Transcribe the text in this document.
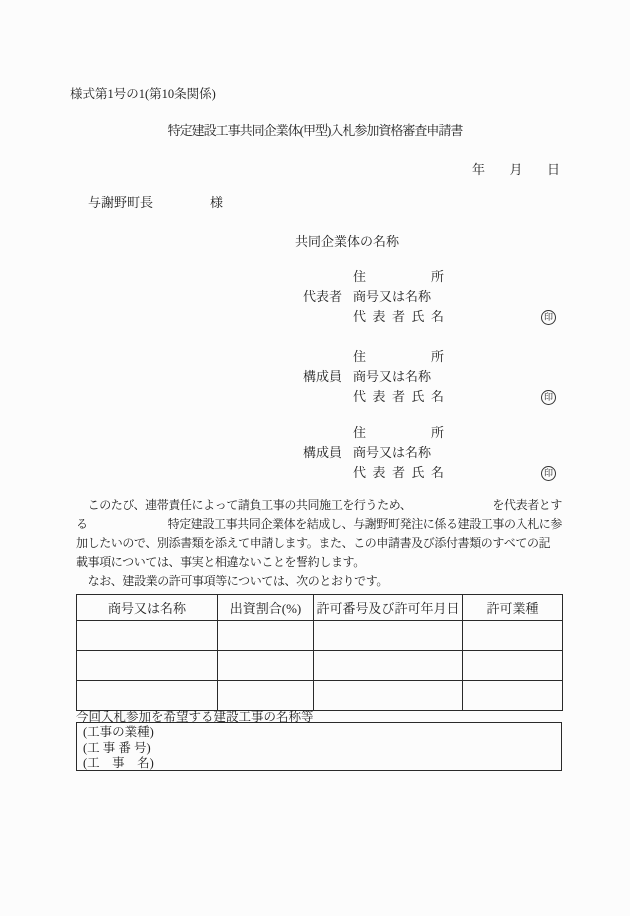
様式第1号の1(第10条関係)
特定建設工事共同企業体(甲型)入札参加資格審査申請書
年 月 日
与謝野町長	様
共同企業体の名称
代表者
住　　　　　所
商号又は名称
代 表 者 氏 名	印
構成員
住　　　　　所
商号又は名称
代 表 者 氏 名	印
構成員
住　　　　　所
商号又は名称
代 表 者 氏 名	印
　このたび、連帯責任によって請負工事の共同施工を行うため、	を代表者とす
る	特定建設工事共同企業体を結成し、与謝野町発注に係る建設工事の入札に参
加したいので、別添書類を添えて申請します。また、この申請書及び添付書類のすべての記
載事項については、事実と相違ないことを誓約します。
　なお、建設業の許可事項等については、次のとおりです。
商号又は名称	出資割合(%)	許可番号及び許可年月日	許可業種

今回入札参加を希望する建設工事の名称等
(工事の業種)
(工 事 番 号)
(工　事　名)
